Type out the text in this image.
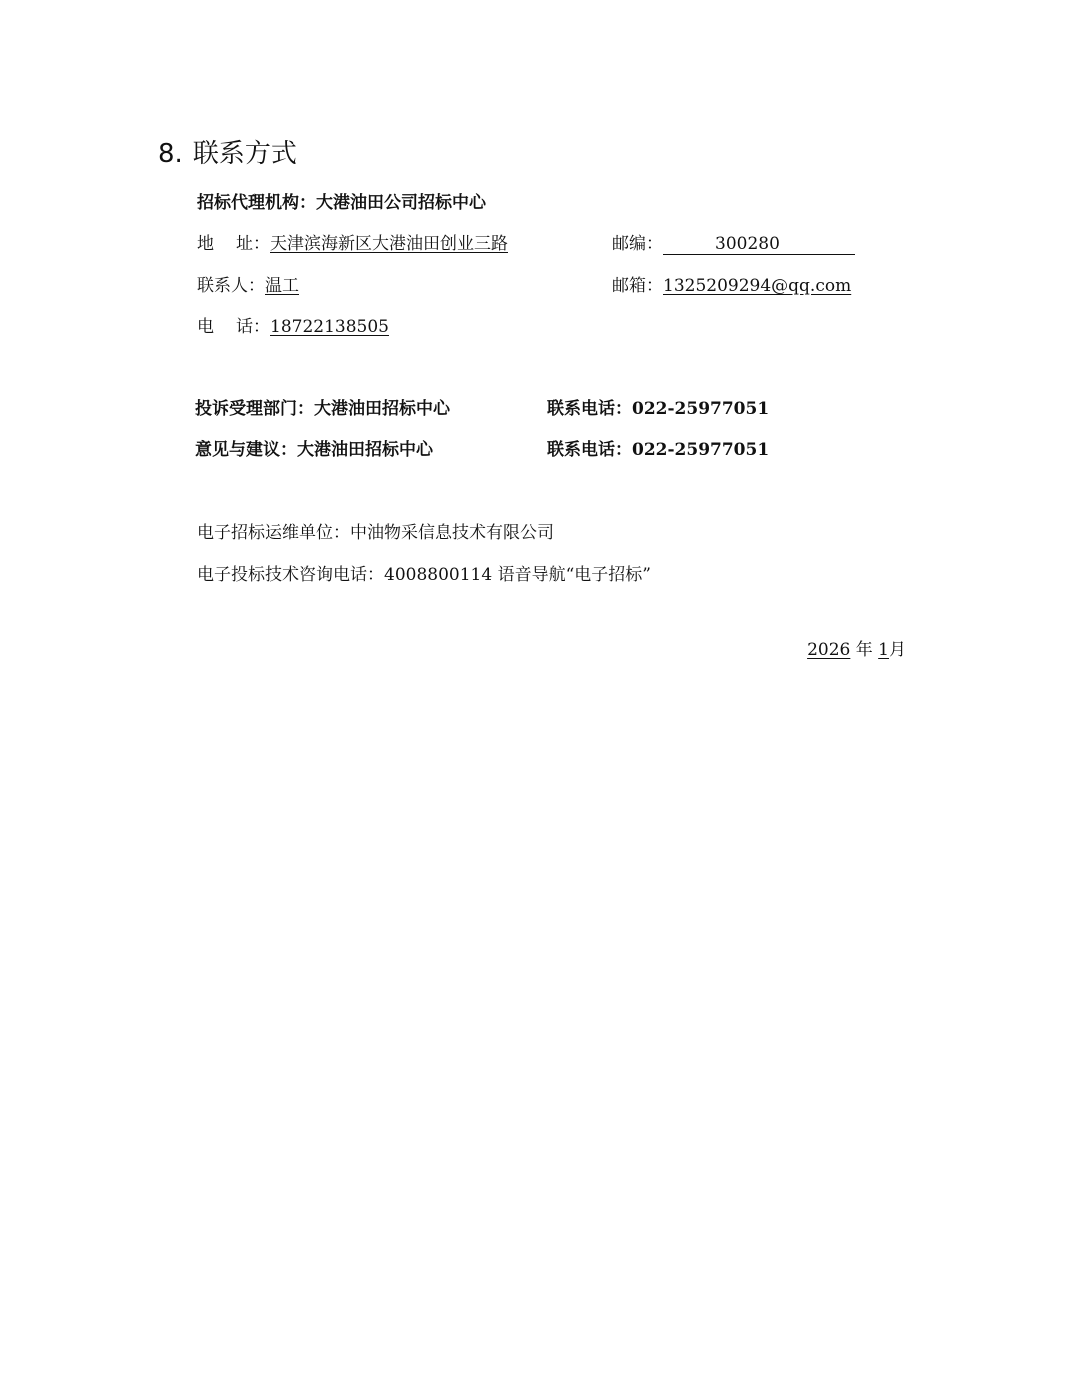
8. 联系方式
招标代理机构：大港油田公司招标中心
地址：天津滨海新区大港油田创业三路	邮编：	300280
联系人：温工	邮箱：1325209294@qq.com
电话：18722138505
投诉受理部门：大港油田招标中心	联系电话：022-25977051
意见与建议：大港油田招标中心	联系电话：022-25977051
电子招标运维单位：中油物采信息技术有限公司
电子投标技术咨询电话：4008800114 语音导航“电子招标”
2026 年 1月
